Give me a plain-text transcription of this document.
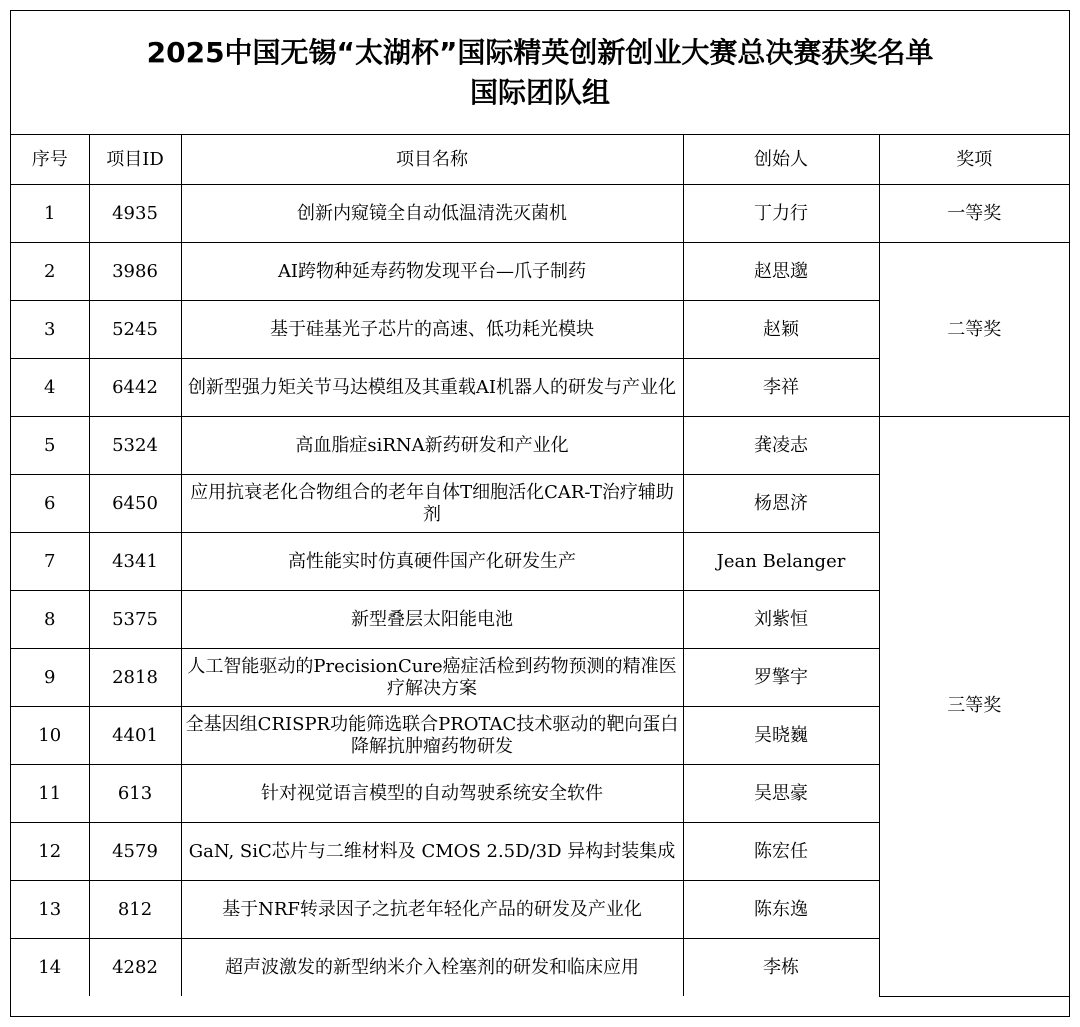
2025中国无锡“太湖杯”国际精英创新创业大赛总决赛获奖名单
国际团队组
序号	项目ID	项目名称	创始人	奖项
1	4935	创新内窥镜全自动低温清洗灭菌机	丁力行	一等奖
2	3986	AI跨物种延寿药物发现平台—爪子制药	赵思邈	二等奖
3	5245	基于硅基光子芯片的高速、低功耗光模块	赵颖	
4	6442	创新型强力矩关节马达模组及其重载AI机器人的研发与产业化	李祥	
5	5324	高血脂症siRNA新药研发和产业化	龚凌志	三等奖
6	6450	应用抗衰老化合物组合的老年自体T细胞活化CAR-T治疗辅助剂	杨恩济	
7	4341	高性能实时仿真硬件国产化研发生产	Jean Belanger	
8	5375	新型叠层太阳能电池	刘紫恒	
9	2818	人工智能驱动的PrecisionCure癌症活检到药物预测的精准医疗解决方案	罗擎宇	
10	4401	全基因组CRISPR功能筛选联合PROTAC技术驱动的靶向蛋白降解抗肿瘤药物研发	吴晓巍	
11	613	针对视觉语言模型的自动驾驶系统安全软件	吴思豪	
12	4579	GaN, SiC芯片与二维材料及 CMOS 2.5D/3D 异构封装集成	陈宏任	
13	812	基于NRF转录因子之抗老年轻化产品的研发及产业化	陈东逸	
14	4282	超声波激发的新型纳米介入栓塞剂的研发和临床应用	李栋	
